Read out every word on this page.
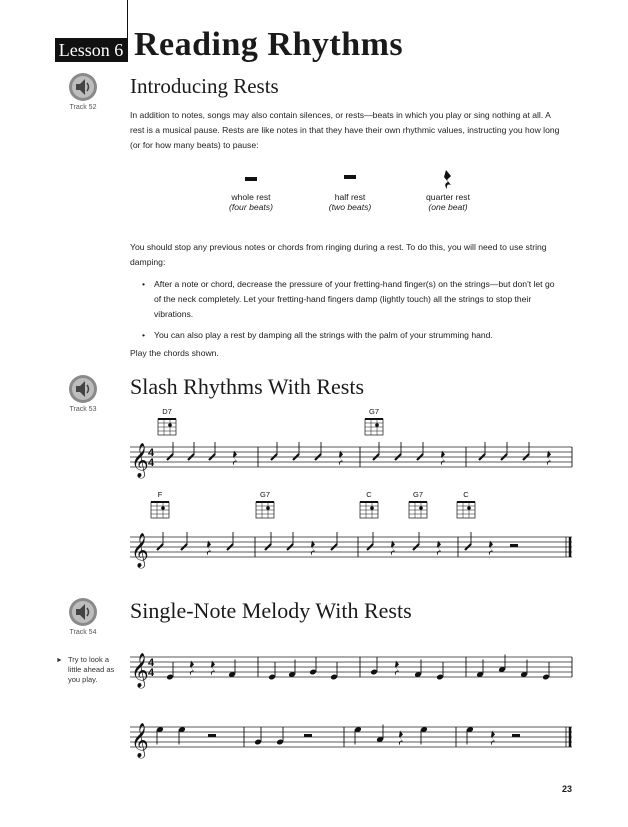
Lesson 6 Reading Rhythms
Track 52
Introducing Rests
In addition to notes, songs may also contain silences, or rests—beats in which you play or sing nothing at all. A rest is a musical pause. Rests are like notes in that they have their own rhythmic values, instructing you how long (or for how many beats) to pause:
whole rest
(four beats)
half rest
(two beats)
quarter rest
(one beat)
You should stop any previous notes or chords from ringing during a rest. To do this, you will need to use string damping:
• After a note or chord, decrease the pressure of your fretting-hand finger(s) on the strings—but don't let go of the neck completely. Let your fretting-hand fingers damp (lightly touch) all the strings to stop their vibrations.
• You can also play a rest by damping all the strings with the palm of your strumming hand.
Play the chords shown.
Track 53
Slash Rhythms With Rests
Track 54
Single-Note Melody With Rests
► Try to look a little ahead as you play.
𝄞 4
4
D7	G7
𝄞
F	G7	C	G7	C
𝄞 4
4
𝄞
23
